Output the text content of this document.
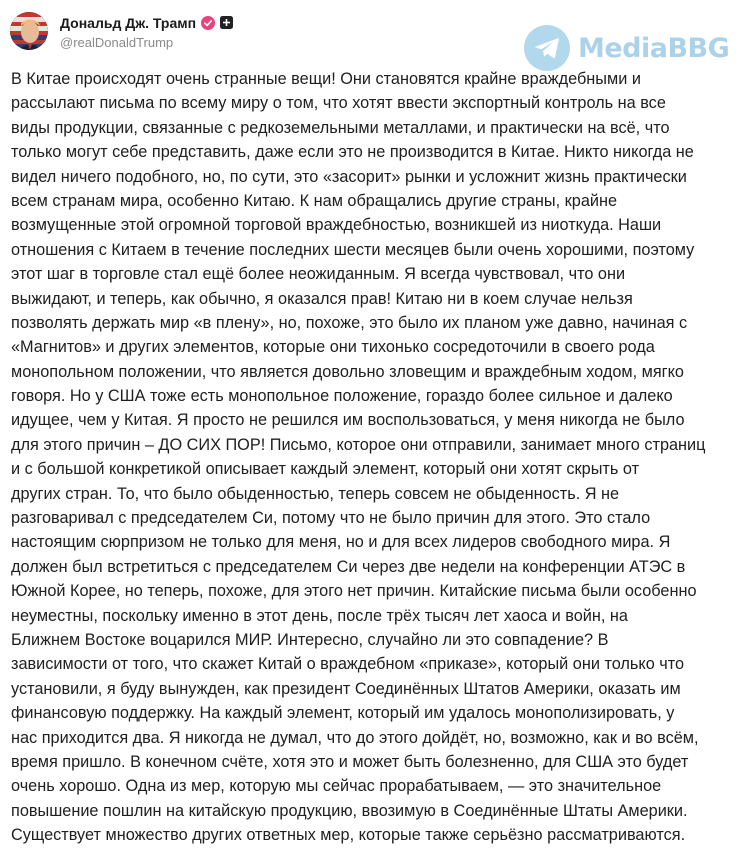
Дональд Дж. Трамп
@realDonaldTrump	MediaBBG
В Китае происходят очень странные вещи! Они становятся крайне враждебными и
рассылают письма по всему миру о том, что хотят ввести экспортный контроль на все
виды продукции, связанные с редкоземельными металлами, и практически на всё, что
только могут себе представить, даже если это не производится в Китае. Никто никогда не
видел ничего подобного, но, по сути, это «засорит» рынки и усложнит жизнь практически
всем странам мира, особенно Китаю. К нам обращались другие страны, крайне
возмущенные этой огромной торговой враждебностью, возникшей из ниоткуда. Наши
отношения с Китаем в течение последних шести месяцев были очень хорошими, поэтому
этот шаг в торговле стал ещё более неожиданным. Я всегда чувствовал, что они
выжидают, и теперь, как обычно, я оказался прав! Китаю ни в коем случае нельзя
позволять держать мир «в плену», но, похоже, это было их планом уже давно, начиная с
«Магнитов» и других элементов, которые они тихонько сосредоточили в своего рода
монопольном положении, что является довольно зловещим и враждебным ходом, мягко
говоря. Но у США тоже есть монопольное положение, гораздо более сильное и далеко
идущее, чем у Китая. Я просто не решился им воспользоваться, у меня никогда не было
для этого причин – ДО СИХ ПОР! Письмо, которое они отправили, занимает много страниц
и с большой конкретикой описывает каждый элемент, который они хотят скрыть от
других стран. То, что было обыденностью, теперь совсем не обыденность. Я не
разговаривал с председателем Си, потому что не было причин для этого. Это стало
настоящим сюрпризом не только для меня, но и для всех лидеров свободного мира. Я
должен был встретиться с председателем Си через две недели на конференции АТЭС в
Южной Корее, но теперь, похоже, для этого нет причин. Китайские письма были особенно
неуместны, поскольку именно в этот день, после трёх тысяч лет хаоса и войн, на
Ближнем Востоке воцарился МИР. Интересно, случайно ли это совпадение? В
зависимости от того, что скажет Китай о враждебном «приказе», который они только что
установили, я буду вынужден, как президент Соединённых Штатов Америки, оказать им
финансовую поддержку. На каждый элемент, который им удалось монополизировать, у
нас приходится два. Я никогда не думал, что до этого дойдёт, но, возможно, как и во всём,
время пришло. В конечном счёте, хотя это и может быть болезненно, для США это будет
очень хорошо. Одна из мер, которую мы сейчас прорабатываем, — это значительное
повышение пошлин на китайскую продукцию, ввозимую в Соединённые Штаты Америки.
Существует множество других ответных мер, которые также серьёзно рассматриваются.
